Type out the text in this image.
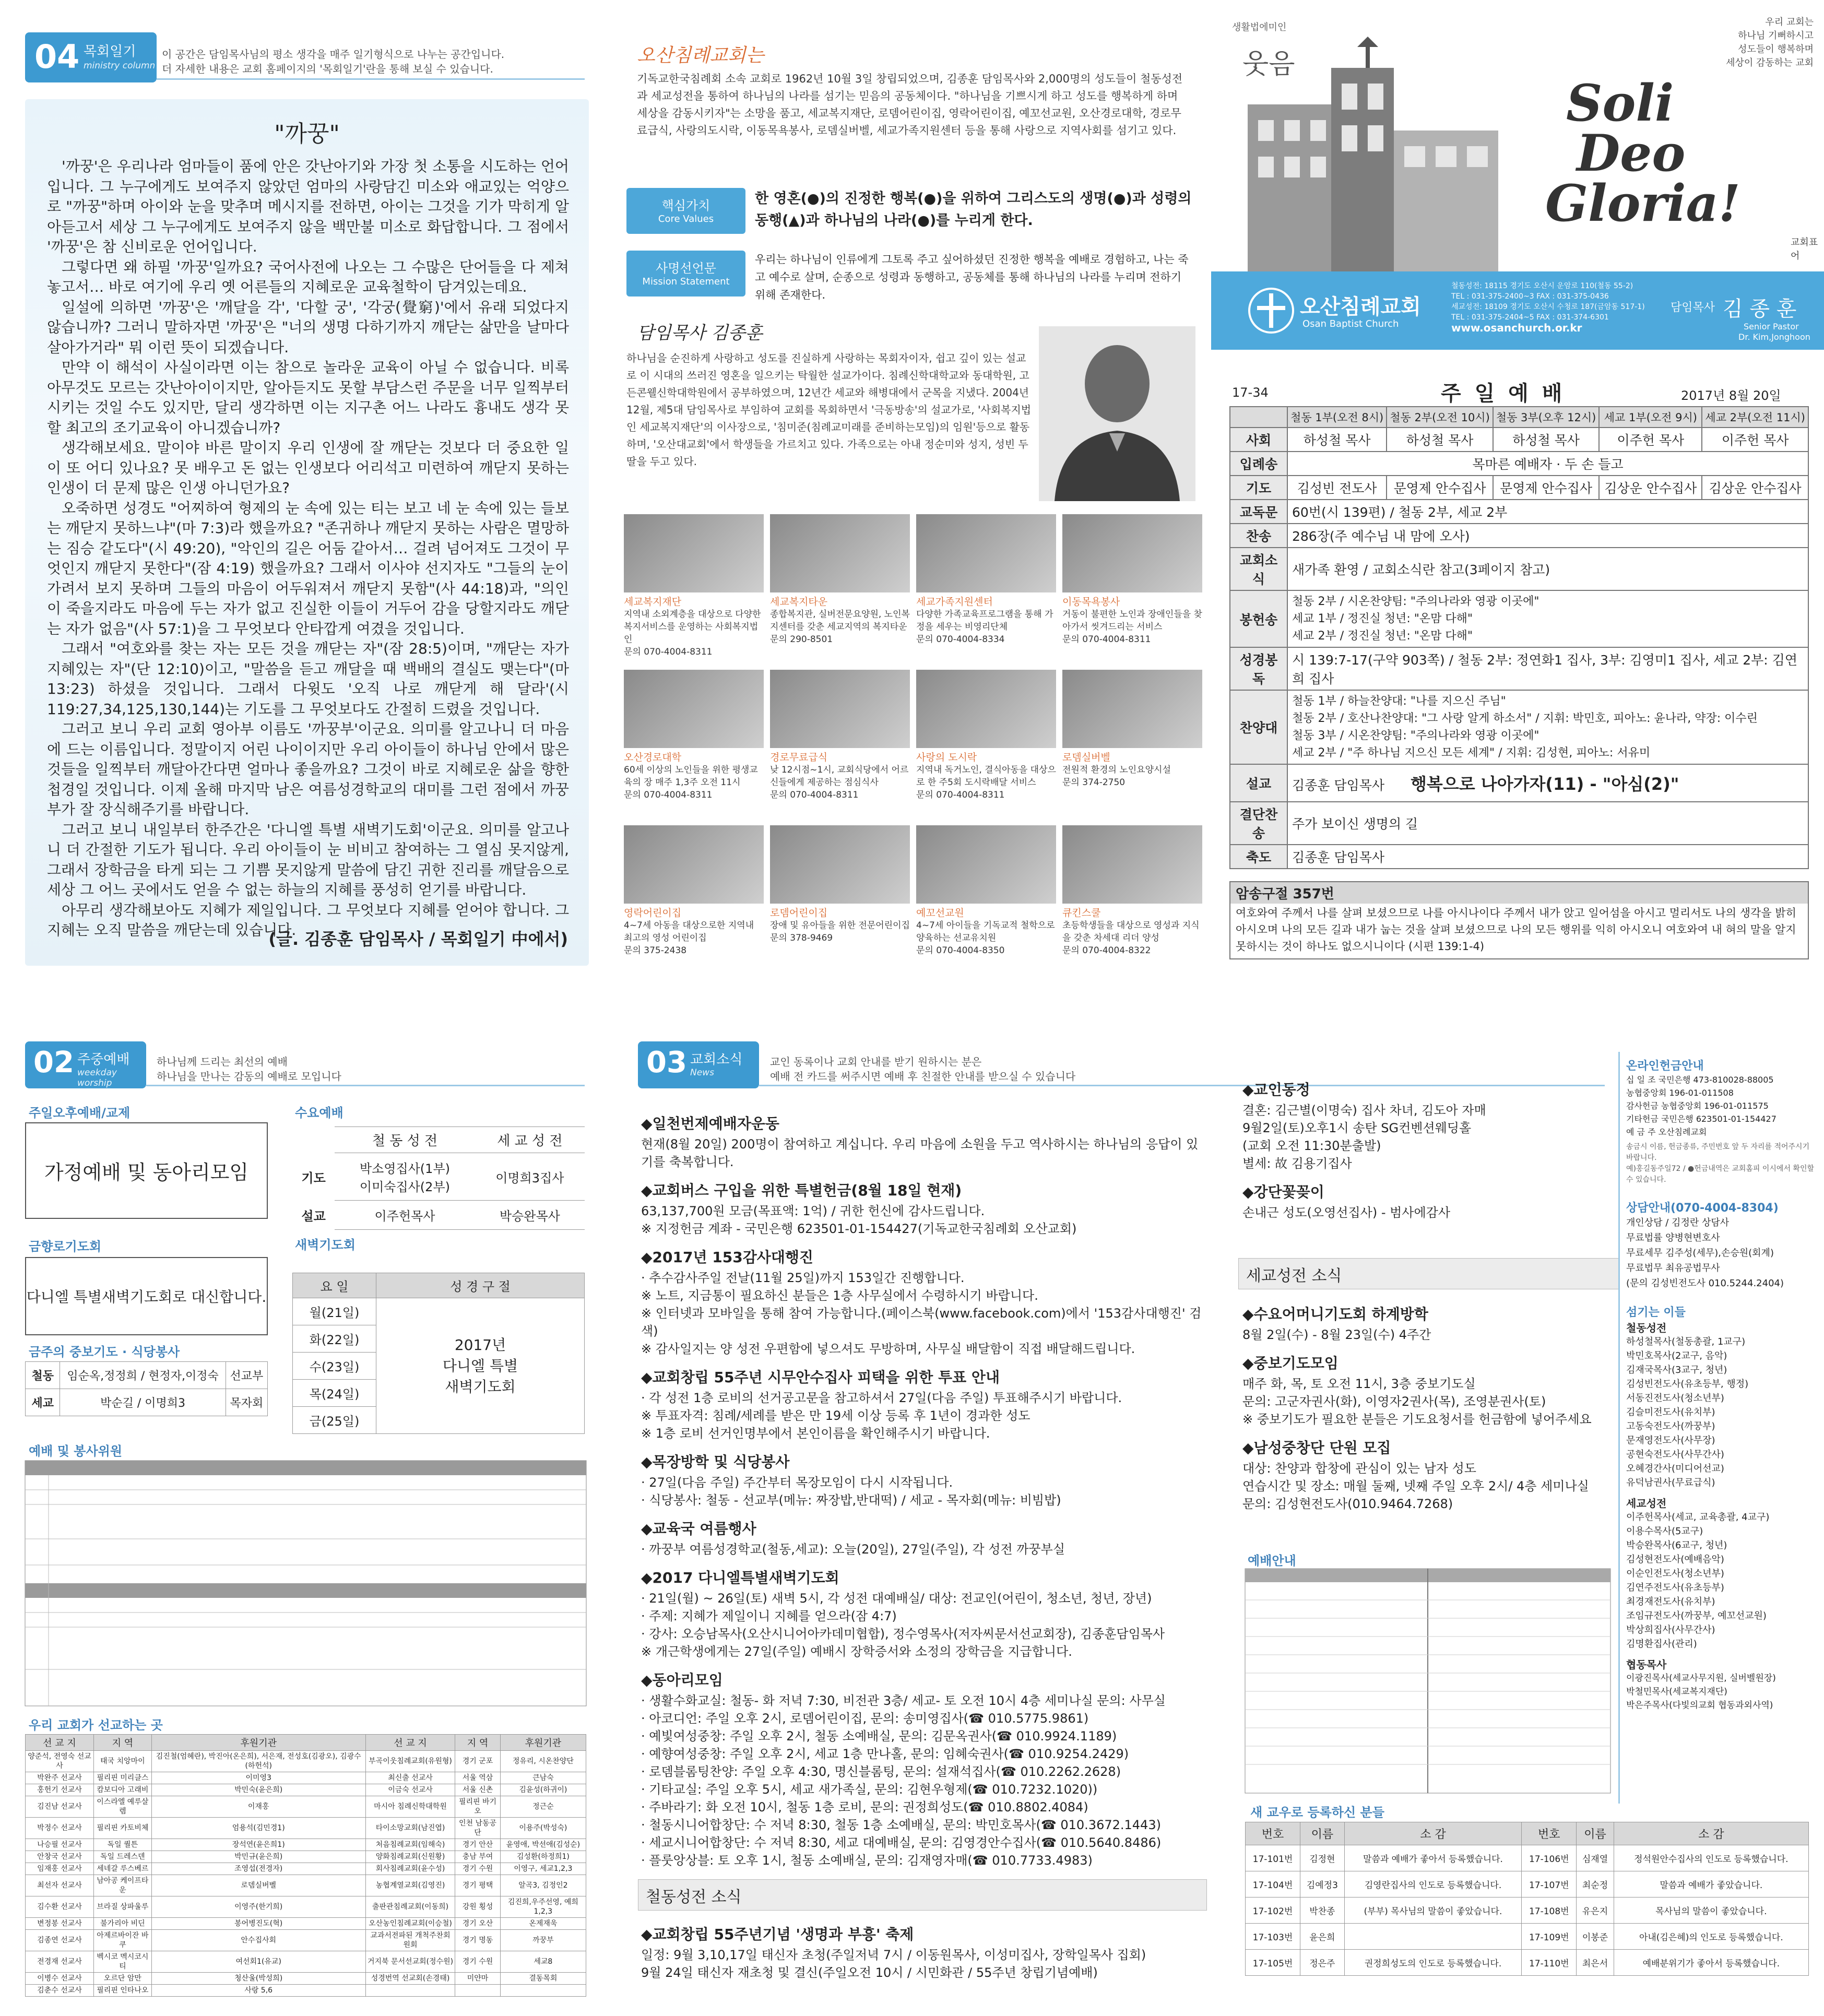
04 목회일기
ministry column
이 공간은 담임목사님의 평소 생각을 매주 일기형식으로 나누는 공간입니다.
더 자세한 내용은 교회 홈페이지의 '목회일기'란을 통해 보실 수 있습니다.
"까꿍"

'까꿍'은 우리나라 엄마들이 품에 안은 갓난아기와 가장 첫 소통을 시도하는 언어입니다. 그 누구에게도 보여주지 않았던 엄마의 사랑담긴 미소와 애교있는 억양으로 "까꿍"하며 아이와 눈을 맞추며 메시지를 전하면, 아이는 그것을 기가 막히게 알아듣고서 세상 그 누구에게도 보여주지 않을 백만불 미소로 화답합니다. 그 점에서 '까꿍'은 참 신비로운 언어입니다.

그렇다면 왜 하필 '까꿍'일까요? 국어사전에 나오는 그 수많은 단어들을 다 제쳐놓고서… 바로 여기에 우리 옛 어른들의 지혜로운 교육철학이 담겨있는데요.

일설에 의하면 '까꿍'은 '깨달을 각', '다할 궁', '각궁(覺窮)'에서 유래 되었다지 않습니까? 그러니 말하자면 '까꿍'은 "너의 생명 다하기까지 깨닫는 삶만을 날마다 살아가거라" 뭐 이런 뜻이 되겠습니다.

만약 이 해석이 사실이라면 이는 참으로 놀라운 교육이 아닐 수 없습니다. 비록 아무것도 모르는 갓난아이이지만, 알아듣지도 못할 부담스런 주문을 너무 일찍부터 시키는 것일 수도 있지만, 달리 생각하면 이는 지구촌 어느 나라도 흉내도 생각 못할 최고의 조기교육이 아니겠습니까?

생각해보세요. 말이야 바른 말이지 우리 인생에 잘 깨닫는 것보다 더 중요한 일이 또 어디 있나요? 못 배우고 돈 없는 인생보다 어리석고 미련하여 깨닫지 못하는 인생이 더 문제 많은 인생 아니던가요?

오죽하면 성경도 "어찌하여 형제의 눈 속에 있는 티는 보고 네 눈 속에 있는 들보는 깨닫지 못하느냐"(마 7:3)라 했을까요? "존귀하나 깨닫지 못하는 사람은 멸망하는 짐승 같도다"(시 49:20), "악인의 길은 어둠 같아서… 걸려 넘어져도 그것이 무엇인지 깨닫지 못한다"(잠 4:19) 했을까요? 그래서 이사야 선지자도 "그들의 눈이 가려서 보지 못하며 그들의 마음이 어두워져서 깨닫지 못함"(사 44:18)과, "의인이 죽을지라도 마음에 두는 자가 없고 진실한 이들이 거두어 감을 당할지라도 깨닫는 자가 없음"(사 57:1)을 그 무엇보다 안타깝게 여겼을 것입니다.

그래서 "여호와를 찾는 자는 모든 것을 깨닫는 자"(잠 28:5)이며, "깨닫는 자가 지혜있는 자"(단 12:10)이고, "말씀을 듣고 깨달을 때 백배의 결실도 맺는다"(마 13:23) 하셨을 것입니다. 그래서 다윗도 '오직 나로 깨닫게 해 달라'(시 119:27,34,125,130,144)는 기도를 그 무엇보다도 간절히 드렸을 것입니다.

그러고 보니 우리 교회 영아부 이름도 '까꿍부'이군요. 의미를 알고나니 더 마음에 드는 이름입니다. 정말이지 어린 나이이지만 우리 아이들이 하나님 안에서 많은 것들을 일찍부터 깨달아간다면 얼마나 좋을까요? 그것이 바로 지혜로운 삶을 향한 첩경일 것입니다. 이제 올해 마지막 남은 여름성경학교의 대미를 그런 점에서 까꿍부가 잘 장식해주기를 바랍니다.

그러고 보니 내일부터 한주간은 '다니엘 특별 새벽기도회'이군요. 의미를 알고나니 더 간절한 기도가 됩니다. 우리 아이들이 눈 비비고 참여하는 그 열심 못지않게, 그래서 장학금을 타게 되는 그 기쁨 못지않게 말씀에 담긴 귀한 진리를 깨달음으로 세상 그 어느 곳에서도 얻을 수 없는 하늘의 지혜를 풍성히 얻기를 바랍니다.

아무리 생각해보아도 지혜가 제일입니다. 그 무엇보다 지혜를 얻어야 합니다. 그 지혜는 오직 말씀을 깨닫는데 있습니다.

(글. 김종훈 담임목사 / 목회일기 中에서)
오산침례교회는
기독교한국침례회 소속 교회로 1962년 10월 3일 창립되었으며, 김종훈 담임목사와 2,000명의 성도들이 철동성전과 세교성전을 통하여 하나님의 나라를 섬기는 믿음의 공동체이다. "하나님을 기쁘시게 하고 성도를 행복하게 하며 세상을 감동시키자"는 소망을 품고, 세교복지재단, 로뎀어린이집, 영락어린이집, 예꼬선교원, 오산경로대학, 경로무료급식, 사랑의도시락, 이동목욕봉사, 로뎀실버벨, 세교가족지원센터 등을 통해 사랑으로 지역사회를 섬기고 있다.
핵심가치
Core Values
한 영혼(●)의 진정한 행복(●)을 위하여 그리스도의 생명(●)과 성령의 동행(▲)과 하나님의 나라(●)를 누리게 한다.
사명선언문
Mission Statement
우리는 하나님이 인류에게 그토록 주고 싶어하셨던 진정한 행복을 예배로 경험하고, 나는 죽고 예수로 살며, 순종으로 성령과 동행하고, 공동체를 통해 하나님의 나라를 누리며 전하기 위해 존재한다.
담임목사 김종훈
하나님을 순진하게 사랑하고 성도를 진실하게 사랑하는 목회자이자, 쉽고 깊이 있는 설교로 이 시대의 쓰러진 영혼을 일으키는 탁월한 설교가이다. 침례신학대학교와 동대학원, 고든콘웰신학대학원에서 공부하였으며, 12년간 세교와 해병대에서 군목을 지냈다. 2004년 12월, 제5대 담임목사로 부임하여 교회를 목회하면서 '극동방송'의 설교가로, '사회복지법인 세교복지재단'의 이사장으로, '침미준(침례교미래를 준비하는모임)의 임원'등으로 활동하며, '오산대교회'에서 학생들을 가르치고 있다. 가족으로는 아내 정순미와 성지, 성빈 두 딸을 두고 있다.
생활법에미인
웃음
우리 교회는
하나님 기뻐하시고
성도들이 행복하며
세상이 감동하는 교회
Soli
Deo
Gloria!
교회표어
오산침례교회
Osan Baptist Church
철동성전: 18115 경기도 오산시 운암로 110(철동 55-2)
TEL : 031-375-2400~3 FAX : 031-375-0436
세교성전: 18109 경기도 오산시 수청로 187(금암동 517-1)
TEL : 031-375-2404~5 FAX : 031-374-6301
www.osanchurch.or.kr
담임목사 김 종 훈
Senior Pastor
Dr. Kim,Jonghoon
17-34	주 일 예 배	2017년 8월 20일
	철동 1부(오전 8시)	철동 2부(오전 10시)	철동 3부(오후 12시)	세교 1부(오전 9시)	세교 2부(오전 11시)
사회	하성철 목사	하성철 목사	하성철 목사	이주헌 목사	이주헌 목사
입례송	목마른 예배자 · 두 손 들고				
기도	김성빈 전도사	문영제 안수집사	문영제 안수집사	김상운 안수집사	김상운 안수집사
교독문	60번(시 139편) / 철동 2부, 세교 2부				
찬송	286장(주 예수님 내 맘에 오사)				
교회소식	새가족 환영 / 교회소식란 참고(3페이지 참고)				
봉헌송	철동 2부 / 시온찬양팀: "주의나라와 영광 이곳에"
세교 1부 / 정진실 청년: "온맘 다해"
세교 2부 / 정진실 청년: "온맘 다해"				

성경봉독	시 139:7-17(구약 903쪽) / 철동 2부: 정연화1 집사, 3부: 김영미1 집사, 세교 2부: 김연희 집사				
찬양대	철동 1부 / 하늘찬양대: "나를 지으신 주님"
철동 2부 / 호산나찬양대: "그 사랑 알게 하소서" / 지휘: 박민호, 피아노: 윤나라, 약장: 이수린
철동 3부 / 시온찬양팀: "주의나라와 영광 이곳에"
세교 2부 / "주 하나님 지으신 모든 세계" / 지휘: 김성현, 피아노: 서유미				

설교	김종훈 담임목사 행복으로 나아가자(11) - "아심(2)"				
결단찬송	주가 보이신 생명의 길				
축도	김종훈 담임목사				
암송구절 357번
여호와여 주께서 나를 살펴 보셨으므로 나를 아시나이다 주께서 내가 앉고 일어섬을 아시고 멀리서도 나의 생각을 밝히 아시오며 나의 모든 길과 내가 눕는 것을 살펴 보셨으므로 나의 모든 행위를 익히 아시오니 여호와여 내 혀의 말을 알지 못하시는 것이 하나도 없으시니이다 (시편 139:1-4)
02 주중예배
weekday worship
하나님께 드리는 최선의 예배
하나님을 만나는 감동의 예배로 모입니다
주일오후예배/교제
가정예배 및 동아리모임
금향로기도회
다니엘 특별새벽기도회로 대신합니다.
금주의 중보기도 · 식당봉사
철동	임순옥,정정희 / 현정자,이정숙	선교부
세교	박순길 / 이명희3	목자회
수요예배
	철 동 성 전	세 교 성 전
기도	박소영집사(1부)
이미숙집사(2부)	이명희3집사
설교	이주헌목사	박승완목사
새벽기도회
요 일	성 경 구 절
월(21일)	2017년
다니엘 특별
새벽기도회
화(22일)	
수(23일)	
목(24일)	
금(25일)	
예배 및 봉사위원
우리 교회가 선교하는 곳
선 교 지	지 역	후원기관	선 교 지	지 역	후원기관
양준석, 전영숙 선교사	태국 치앙마이	김진철(엄혜란), 박진아(온은희), 서은재, 전성호(김광오), 김광수(하헌석)	부곡이웃침례교회(유원형)	경기 군포	정유리, 시온찬양단
박완주 선교사	필리핀 미리클스	이미영3	최신출 선교사	서울 역삼	큰남숙
홍헌기 선교사	캄보디아 고래비	박민숙(윤은희)	이금숙 선교사	서울 신촌	김윤성(하귀이)
김진남 선교사	이스라엘 예루살렘	이재홍	마시아 침례신학대학원	필리핀 바기오	정근순
박정수 선교사	필리핀 카토비체	엄용석(김민경1)	타이소망교회(남진엽)	인천 남동공단	이용주(박성숙)
나승필 선교사	독일 퀄튼	장석연(윤은희1)	처음침례교회(임해숙)	경기 안산	윤영애, 박선애(김성순)
안창국 선교사	독일 드레스덴	박민규(윤은희)	양화침례교회(신원황)	충남 부여	김성환(하정희1)
임재홍 선교사	세네갈 루스베르	조영섭(전경자)	회사침례교회(윤수성)	경기 수원	이영구, 세교1,2,3
최선자 선교사	남아공 케이프타운	로뎀실버벨	농협계열교회(김영진)	경기 평택	알곡3, 김정인2
김수환 선교사	브라질 상파울루	이영주(한기희)	출판관침례교회(이동희)	강원 횡성	김진희,우주선영, 예희1,2,3
변정봉 선교사	불가리아 비딘	봉어병진도(혁)	오산농인침례교회(이승철)	경기 오산	온제재욱
김종연 선교사	아제르바이잔 바쿠	안수집사회	교과서전파된 개척주찬회원회	경기 명동	까꿍부
전경재 선교사	벡시코 멕시코시티	여선회1(유교)	거지북 문서선교회(정수원)	경기 수원	세교8
이병수 선교사	오르단 암만	청산울(박성희)	성경번역 선교회(손경태)	미얀마	결동목회
김춘수 선교사	필리핀 인타나오	사랑 5,6			
03 교회소식
News
교인 동록이나 교회 안내를 받기 원하시는 분은
예배 전 카드를 써주시면 예배 후 친절한 안내를 받으실 수 있습니다
◆일천번제예배자운동

현재(8월 20일) 200명이 참여하고 계십니다. 우리 마음에 소원을 두고 역사하시는 하나님의 응답이 있기를 축복합니다.

◆교회버스 구입을 위한 특별헌금(8월 18일 현재)

63,137,700원 모금(목표액: 1억) / 귀한 헌신에 감사드립니다.
※ 지정헌금 계좌 - 국민은행 623501-01-154427(기독교한국침례회 오산교회)

◆2017년 153감사대행진

· 추수감사주일 전날(11월 25일)까지 153일간 진행합니다.
※ 노트, 지금통이 필요하신 분들은 1층 사무실에서 수령하시기 바랍니다.
※ 인터넷과 모바일을 통해 참여 가능합니다.(페이스북(www.facebook.com)에서 '153감사대행진' 검색)
※ 감사일지는 양 성전 우편함에 넣으셔도 무방하며, 사무실 배달함이 직접 배달해드립니다.

◆교회창립 55주년 시무안수집사 피택을 위한 투표 안내

· 각 성전 1층 로비의 선거공고문을 참고하셔서 27일(다음 주일) 투표해주시기 바랍니다.
※ 투표자격: 침례/세례를 받은 만 19세 이상 등록 후 1년이 경과한 성도
※ 1층 로비 선거인명부에서 본인이름을 확인해주시기 바랍니다.

◆목장방학 및 식당봉사

· 27일(다음 주일) 주간부터 목장모임이 다시 시작됩니다.
· 식당봉사: 철동 - 선교부(메뉴: 짜장밥,반대떡) / 세교 - 목자회(메뉴: 비빔밥)

◆교육국 여름행사

· 까꿍부 여름성경학교(철동,세교): 오늘(20일), 27일(주일), 각 성전 까꿍부실

◆2017 다니엘특별새벽기도회

· 21일(월) ~ 26일(토) 새벽 5시, 각 성전 대예배실/ 대상: 전교인(어린이, 청소년, 청년, 장년)
· 주제: 지혜가 제일이니 지혜를 얻으라(잠 4:7)
· 강사: 오승남목사(오산시니어아카데미협합), 정수영목사(저자씨문서선교회장), 김종훈담임목사
※ 개근학생에게는 27일(주일) 예배시 장학증서와 소정의 장학금을 지급합니다.

◆동아리모임

· 생활수화교실: 철동- 화 저녁 7:30, 비전관 3층/ 세교- 토 오전 10시 4층 세미나실 문의: 사무실
· 아코디언: 주일 오후 2시, 로뎀어린이집, 문의: 송미영집사(☎ 010.5775.9861)
· 예빛여성중창: 주일 오후 2시, 철동 소예배실, 문의: 김문옥권사(☎ 010.9924.1189)
· 예향여성중창: 주일 오후 2시, 세교 1층 만나홀, 문의: 임혜숙권사(☎ 010.9254.2429)
· 로뎀블롬팅찬양: 주일 오후 4:30, 명신블롬팅, 문의: 설재석집사(☎ 010.2262.2628)
· 기타교실: 주일 오후 5시, 세교 새가족실, 문의: 김현우형제(☎ 010.7232.1020))
· 주바라기: 화 오전 10시, 철동 1층 로비, 문의: 권정희성도(☎ 010.8802.4084)
· 철동시니어합창단: 수 저녁 8:30, 철동 1층 소예배실, 문의: 박민호목사(☎ 010.3672.1443)
· 세교시니어합창단: 수 저녁 8:30, 세교 대예배실, 문의: 김영경안수집사(☎ 010.5640.8486)
· 플룻앙상블: 토 오후 1시, 철동 소예배실, 문의: 김재영자매(☎ 010.7733.4983)

철동성전 소식
◆교회창립 55주년기념 '생명과 부흥' 축제

일정: 9월 3,10,17일 태신자 초청(주일저녁 7시 / 이동원목사, 이성미집사, 장학일목사 집회)
9월 24일 태신자 재초청 및 결신(주일오전 10시 / 시민화관 / 55주년 창립기념예배)

◆교인동정

결혼: 김근별(이명숙) 집사 차녀, 김도아 자매
9월2일(토)오후1시 송탄 SG컨벤션웨딩홀
(교회 오전 11:30분출발)
별세: 故 김용기집사

◆강단꽃꽂이

손내근 성도(오영선집사) - 범사에감사

세교성전 소식
◆수요어머니기도회 하계방학

8월 2일(수) - 8월 23일(수) 4주간

◆중보기도모임

매주 화, 목, 토 오전 11시, 3층 중보기도실
문의: 고군자권사(화), 이영자2권사(목), 조영분권사(토)
※ 중보기도가 필요한 분들은 기도요청서를 헌금함에 넣어주세요

◆남성중창단 단원 모집

대상: 찬양과 합창에 관심이 있는 남자 성도
연습시간 및 장소: 매월 둘째, 넷째 주일 오후 2시/ 4층 세미나실
문의: 김성현전도사(010.9464.7268)

예배안내
새 교우로 등록하신 분들
번호	이름	소 감	번호	이름	소 감
17-101번	김정현	말씀과 예배가 좋아서 등록했습니다.	17-106번	심재열	정석원안수집사의 인도로 등록했습니다.
17-104번	김예정3	김영란집사의 인도로 등록했습니다.	17-107번	최순정	말씀과 예배가 좋았습니다.
17-102번	박찬종	(부부) 목사님의 말씀이 좋았습니다.	17-108번	유은지	목사님의 말씀이 좋았습니다.
17-103번	윤은희		17-109번	이봉준	아내(김은혜)의 인도로 등록했습니다.
17-105번	정은주	권정희성도의 인도로 등록했습니다.	17-110번	최은서	예배분위기가 좋아서 등록했습니다.
온라인헌금안내
십 일 조 국민은행 473-810028-88005
농협중앙회 196-01-011508
감사헌금 농협중앙회 196-01-011575
기타헌금 국민은행 623501-01-154427
예 금 주 오산침례교회
송금시 이름, 헌금종류, 주민번호 앞 두 자리를 적어주시기 바랍니다.
예)홍길동주일72 / ●헌금내역은 교회홈피 이시에서 확인할 수 있습니다.
상담안내(070-4004-8304)
개인상담 / 김정란 상담사
무료법률 양병현변호사
무료세무 김주성(세무),손승원(회계)
무료법무 최유공법무사
(문의 김성빈전도사 010.5244.2404)
섬기는 이들
철동성전
하성철목사(철동총괄, 1교구)
박민호목사(2교구, 음악)
김재국목사(3교구, 청년)
김성빈전도사(유초등부, 행정)
서동진전도사(청소년부)
김슬미전도사(유치부)
고동숙전도사(까꿍부)
문재영전도사(사무장)
공현숙전도사(사무간사)
오혜경간사(미디어선교)
유덕남권사(무료급식)
세교성전
이주헌목사(세교, 교육총괄, 4교구)
이용수목사(5교구)
박승완목사(6교구, 청년)
김성현전도사(예배음악)
이순인전도사(청소년부)
김연주전도사(유초등부)
최경재전도사(유치부)
조임규전도사(까꿍부, 예꼬선교원)
박상희집사(사무간사)
김명환집사(관리)
협동목사
이광진목사(세교사무지원, 실버벨원장)
박철민목사(세교복지재단)
박은주목사(다빛의교회 협동과외사역)
세교복지재단
지역내 소외계층을 대상으로 다양한 복지서비스를 운영하는 사회복지법인
문의 070-4004-8311
세교복지타운
종합복지관, 실버전문요양원, 노인복지센터를 갖춘 세교지역의 복지타운
문의 290-8501
세교가족지원센터
다양한 가족교육프로그램을 통해 가정을 세우는 비영리단체
문의 070-4004-8334
이동목욕봉사
거동이 불편한 노인과 장애인들을 찾아가서 씻겨드리는 서비스
문의 070-4004-8311
오산경로대학
60세 이상의 노인들을 위한 평생교육의 장 매주 1,3주 오전 11시
문의 070-4004-8311
경로무료급식
낮 12시점~1시, 교회식당에서 어르신들에게 제공하는 점심식사
문의 070-4004-8311
사랑의 도시락
지역내 독거노인, 결식아동을 대상으로 한 주5회 도시락배달 서비스
문의 070-4004-8311
로뎀실버벨
전원적 환경의 노인요양시설
문의 374-2750
영락어린이집
4~7세 아동을 대상으로한 지역내 최고의 영성 어린이집
문의 375-2438
로뎀어린이집
장애 및 유아들을 위한 전문어린이집
문의 378-9469
예꼬선교원
4~7세 아이들을 기독교적 철학으로 양육하는 선교유치원
문의 070-4004-8350
큐킨스쿨
초등학생들을 대상으로 영성과 지식을 갖춘 차세대 리더 양성
문의 070-4004-8322
